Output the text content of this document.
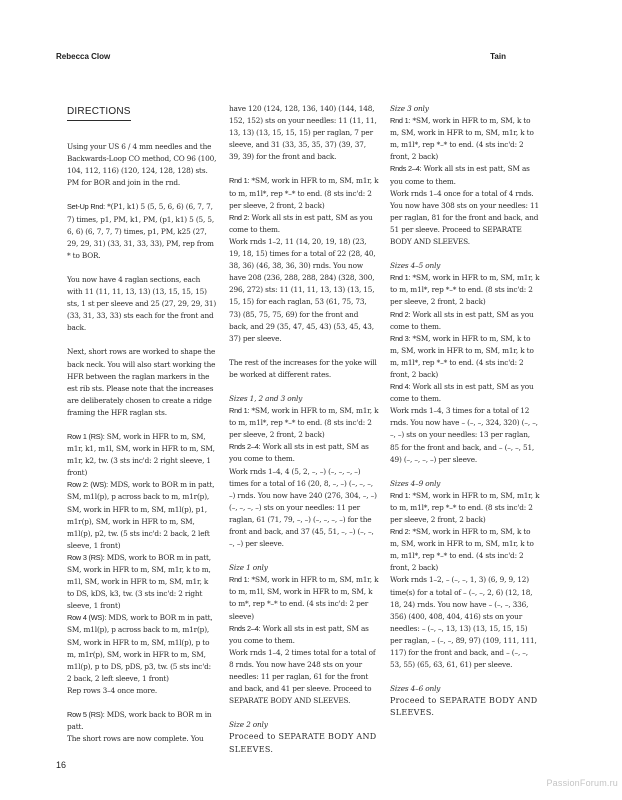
Rebecca Clow	Tain
DIRECTIONS

Using your US 6 / 4 mm needles and the Backwards-Loop CO method, CO 96 (100, 104, 112, 116) (120, 124, 128, 128) sts. PM for BOR and join in the rnd.

Set-Up Rnd: *(P1, k1) 5 (5, 5, 6, 6) (6, 7, 7, 7) times, p1, PM, k1, PM, (p1, k1) 5 (5, 5, 6, 6) (6, 7, 7, 7) times, p1, PM, k25 (27, 29, 29, 31) (33, 31, 33, 33), PM, rep from * to BOR.

You now have 4 raglan sections, each with 11 (11, 11, 13, 13) (13, 15, 15, 15) sts, 1 st per sleeve and 25 (27, 29, 29, 31) (33, 31, 33, 33) sts each for the front and back.

Next, short rows are worked to shape the back neck. You will also start working the HFR between the raglan markers in the est rib sts. Please note that the increases are deliberately chosen to create a ridge framing the HFR raglan sts.

Row 1 (RS): SM, work in HFR to m, SM, m1r, k1, m1l, SM, work in HFR to m, SM, m1r, k2, tw. (3 sts inc'd: 2 right sleeve, 1 front)

Row 2: (WS): MDS, work to BOR m in patt, SM, m1l(p), p across back to m, m1r(p), SM, work in HFR to m, SM, m1l(p), p1, m1r(p), SM, work in HFR to m, SM, m1l(p), p2, tw. (5 sts inc'd: 2 back, 2 left sleeve, 1 front)

Row 3 (RS): MDS, work to BOR m in patt, SM, work in HFR to m, SM, m1r, k to m, m1l, SM, work in HFR to m, SM, m1r, k to DS, kDS, k3, tw. (3 sts inc'd: 2 right sleeve, 1 front)

Row 4 (WS): MDS, work to BOR m in patt, SM, m1l(p), p across back to m, m1r(p), SM, work in HFR to m, SM, m1l(p), p to m, m1r(p), SM, work in HFR to m, SM, m1l(p), p to DS, pDS, p3, tw. (5 sts inc'd: 2 back, 2 left sleeve, 1 front)

Rep rows 3–4 once more.

Row 5 (RS): MDS, work back to BOR m in patt.

The short rows are now complete. You

have 120 (124, 128, 136, 140) (144, 148, 152, 152) sts on your needles: 11 (11, 11, 13, 13) (13, 15, 15, 15) per raglan, 7 per sleeve, and 31 (33, 35, 35, 37) (39, 37, 39, 39) for the front and back.

Rnd 1: *SM, work in HFR to m, SM, m1r, k to m, m1l*, rep *–* to end. (8 sts inc'd: 2 per sleeve, 2 front, 2 back)

Rnd 2: Work all sts in est patt, SM as you come to them.

Work rnds 1–2, 11 (14, 20, 19, 18) (23, 19, 18, 15) times for a total of 22 (28, 40, 38, 36) (46, 38, 36, 30) rnds. You now have 208 (236, 288, 288, 284) (328, 300, 296, 272) sts: 11 (11, 11, 13, 13) (13, 15, 15, 15) for each raglan, 53 (61, 75, 73, 73) (85, 75, 75, 69) for the front and back, and 29 (35, 47, 45, 43) (53, 45, 43, 37) per sleeve.

The rest of the increases for the yoke will be worked at different rates.

Sizes 1, 2 and 3 only

Rnd 1: *SM, work in HFR to m, SM, m1r, k to m, m1l*, rep *–* to end. (8 sts inc'd: 2 per sleeve, 2 front, 2 back)

Rnds 2–4: Work all sts in est patt, SM as you come to them.

Work rnds 1–4, 4 (5, 2, –, –) (–, –, –, –) times for a total of 16 (20, 8, –, –) (–, –, –, –) rnds. You now have 240 (276, 304, –, –) (–, –, –, –) sts on your needles: 11 per raglan, 61 (71, 79, –, –) (–, –, –, –) for the front and back, and 37 (45, 51, –, –) (–, –, –, –) per sleeve.

Size 1 only

Rnd 1: *SM, work in HFR to m, SM, m1r, k to m, m1l, SM, work in HFR to m, SM, k to m*, rep *–* to end. (4 sts inc'd: 2 per sleeve)

Rnds 2–4: Work all sts in est patt, SM as you come to them.

Work rnds 1–4, 2 times total for a total of 8 rnds. You now have 248 sts on your needles: 11 per raglan, 61 for the front and back, and 41 per sleeve. Proceed to SEPARATE BODY AND SLEEVES.

Size 2 only

Proceed to SEPARATE BODY AND SLEEVES.

Size 3 only

Rnd 1: *SM, work in HFR to m, SM, k to m, SM, work in HFR to m, SM, m1r, k to m, m1l*, rep *–* to end. (4 sts inc'd: 2 front, 2 back)

Rnds 2–4: Work all sts in est patt, SM as you come to them.

Work rnds 1–4 once for a total of 4 rnds. You now have 308 sts on your needles: 11 per raglan, 81 for the front and back, and 51 per sleeve. Proceed to SEPARATE BODY AND SLEEVES.

Sizes 4–5 only

Rnd 1: *SM, work in HFR to m, SM, m1r, k to m, m1l*, rep *–* to end. (8 sts inc'd: 2 per sleeve, 2 front, 2 back)

Rnd 2: Work all sts in est patt, SM as you come to them.

Rnd 3: *SM, work in HFR to m, SM, k to m, SM, work in HFR to m, SM, m1r, k to m, m1l*, rep *–* to end. (4 sts inc'd: 2 front, 2 back)

Rnd 4: Work all sts in est patt, SM as you come to them.

Work rnds 1–4, 3 times for a total of 12 rnds. You now have – (–, –, 324, 320) (–, –, –, –) sts on your needles: 13 per raglan, 85 for the front and back, and – (–, –, 51, 49) (–, –, –, –) per sleeve.

Sizes 4–9 only

Rnd 1: *SM, work in HFR to m, SM, m1r, k to m, m1l*, rep *–* to end. (8 sts inc'd: 2 per sleeve, 2 front, 2 back)

Rnd 2: *SM, work in HFR to m, SM, k to m, SM, work in HFR to m, SM, m1r, k to m, m1l*, rep *–* to end. (4 sts inc'd: 2 front, 2 back)

Work rnds 1–2, – (–, –, 1, 3) (6, 9, 9, 12) time(s) for a total of – (–, –, 2, 6) (12, 18, 18, 24) rnds. You now have – (–, –, 336, 356) (400, 408, 404, 416) sts on your needles: – (–, –, 13, 13) (13, 15, 15, 15) per raglan, – (–, –, 89, 97) (109, 111, 111, 117) for the front and back, and – (–, –, 53, 55) (65, 63, 61, 61) per sleeve.

Sizes 4–6 only

Proceed to SEPARATE BODY AND SLEEVES.

16
PassionForum.ru
